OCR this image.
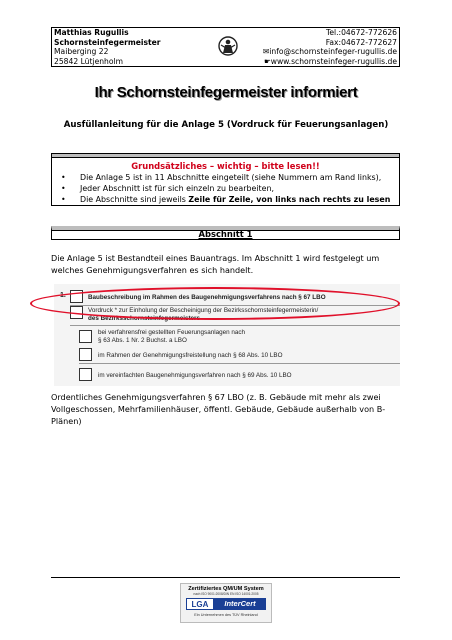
Matthias Rugullis
Schornsteinfegermeister
Maiberging 22
25842 Lütjenholm
Tel.:04672-772626
Fax:04672-772627
✉info@schornsteinfeger-rugullis.de
☛www.schornsteinfeger-rugullis.de
Ihr Schornsteinfegermeister informiert
Ausfüllanleitung für die Anlage 5 (Vordruck für Feuerungsanlagen)
Grundsätzliches – wichtig – bitte lesen!!
• Die Anlage 5 ist in 11 Abschnitte eingeteilt (siehe Nummern am Rand links),
• Jeder Abschnitt ist für sich einzeln zu bearbeiten,
• Die Abschnitte sind jeweils Zeile für Zeile, von links nach rechts zu lesen
Abschnitt 1
Die Anlage 5 ist Bestandteil eines Bauantrags. Im Abschnitt 1 wird festgelegt um welches Genehmigungsverfahren es sich handelt.
1.	Baubeschreibung im Rahmen des Baugenehmigungsverfahrens nach § 67 LBO
Vordruck * zur Einholung der Bescheinigung der Bezirksschornsteinfegermeisterin/
des Bezirksschornsteinfegermeisters
bei verfahrensfrei gestellten Feuerungsanlagen nach
§ 63 Abs. 1 Nr. 2 Buchst. a LBO
im Rahmen der Genehmigungsfreistellung nach § 68 Abs. 10 LBO
im vereinfachten Baugenehmigungsverfahren nach § 69 Abs. 10 LBO
Ordentliches Genehmigungsverfahren § 67 LBO (z. B. Gebäude mit mehr als zwei Vollgeschossen, Mehrfamilienhäuser, öffentl. Gebäude, Gebäude außerhalb von B-Plänen)
Zertifiziertes QM/UM System
nach ISO 9001:2008/DIN EN ISO 14001:2005
LGA	InterCert
Ein Unternehmen des TÜV Rheinland
